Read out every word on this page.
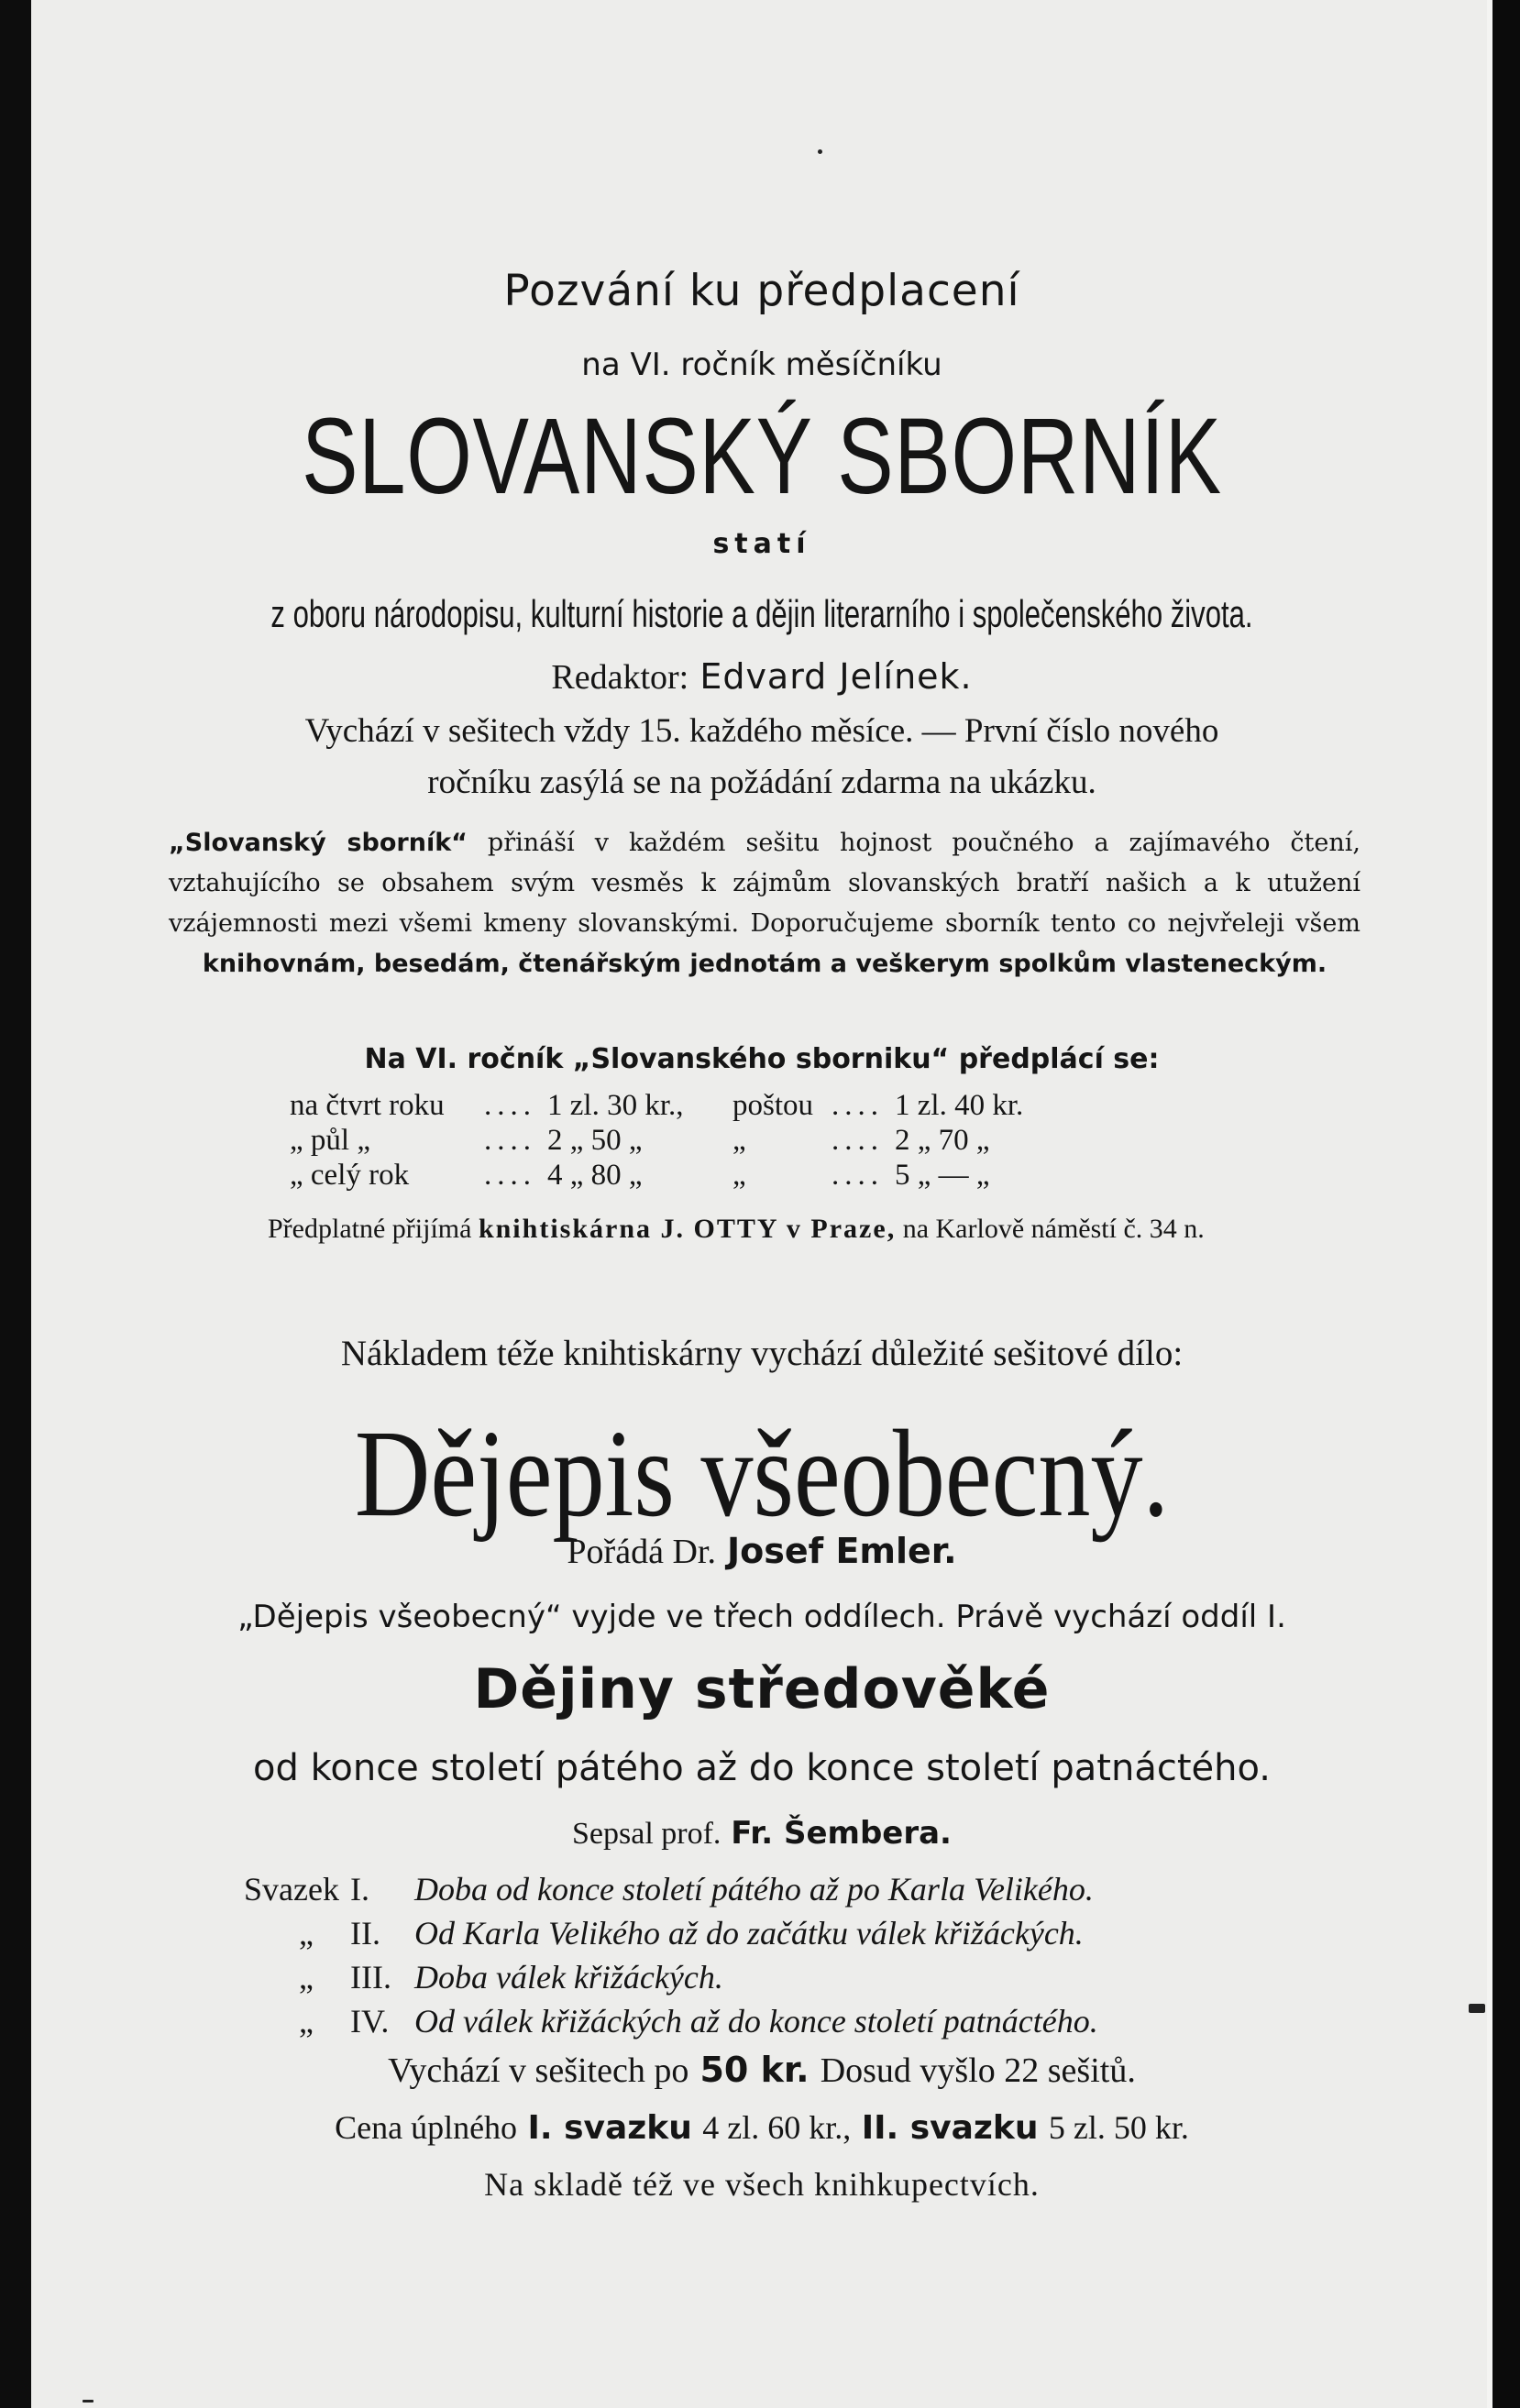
Pozvání ku předplacení
na VI. ročník měsíčníku
SLOVANSKÝ SBORNÍK
statí
z oboru národopisu, kulturní historie a dějin literarního i společenského života.
Redaktor: Edvard Jelínek.
Vychází v sešitech vždy 15. každého měsíce. — První číslo nového
ročníku zasýlá se na požádání zdarma na ukázku.
„Slovanský sborník“ přináší v každém sešitu hojnost poučného a zajímavého čtení, vztahujícího se obsahem svým vesměs k zájmům slovanských bratří našich a k utužení vzájemnosti mezi všemi kmeny slovanskými. Doporučujeme sborník tento co nejvřeleji všem knihovnám, besedám, čtenářským jednotám a veškerym spolkům vlasteneckým.
Na VI. ročník „Slovanského sborniku“ předplácí se:
na čtvrt roku	....	1 zl. 30 kr.,	poštou	....	1 zl. 40 kr.
„ půl „	....	2 „ 50 „	„	....	2 „ 70 „
„ celý rok	....	4 „ 80 „	„	....	5 „ — „
Předplatné přijímá knihtiskárna J. OTTY v Praze, na Karlově náměstí č. 34 n.
Nákladem téže knihtiskárny vychází důležité sešitové dílo:
Dějepis všeobecný.
Pořádá Dr. Josef Emler.
„Dějepis všeobecný“ vyjde ve třech oddílech. Právě vychází oddíl I.
Dějiny středověké
od konce století pátého až do konce století patnáctého.
Sepsal prof. Fr. Šembera.
Svazek I. Doba od konce století pátého až po Karla Velikého.
„ II. Od Karla Velikého až do začátku válek křižáckých.
„ III. Doba válek křižáckých.
„ IV. Od válek křižáckých až do konce století patnáctého.
Vychází v sešitech po 50 kr. Dosud vyšlo 22 sešitů.
Cena úplného I. svazku 4 zl. 60 kr., II. svazku 5 zl. 50 kr.
Na skladě též ve všech knihkupectvích.
